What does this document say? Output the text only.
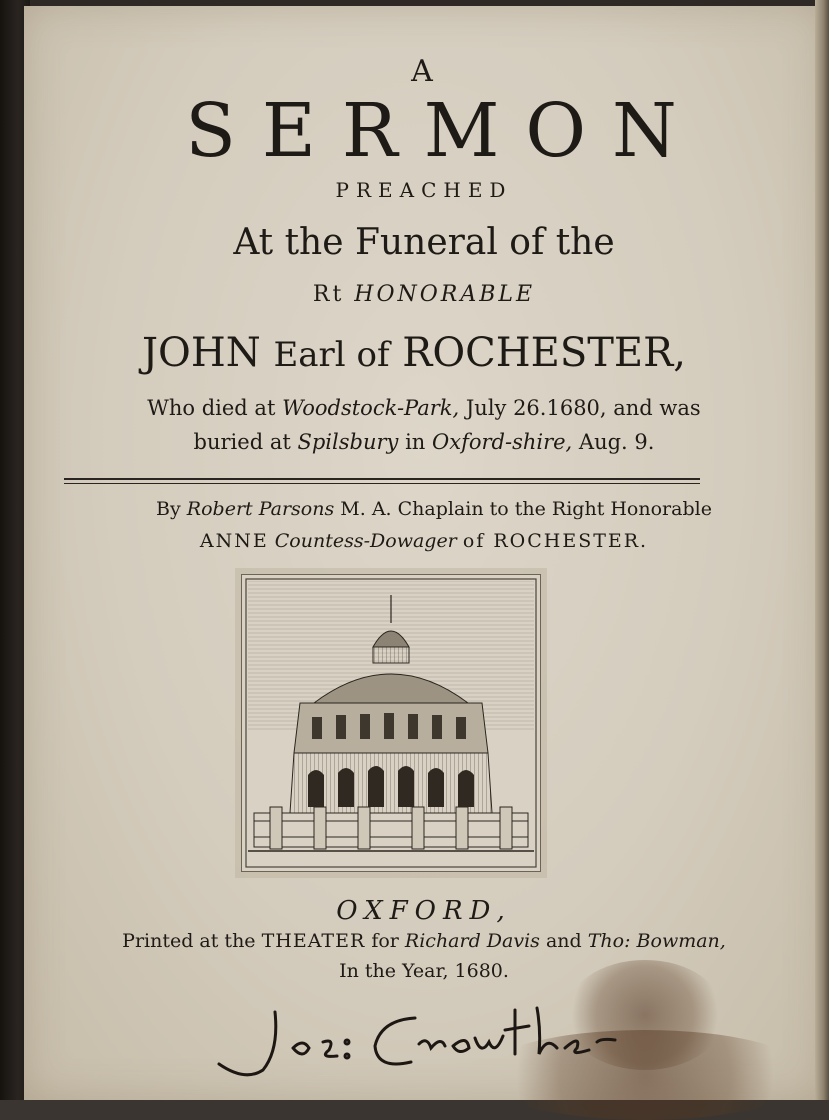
A

SERMON

PREACHED

At the Funeral of the

Rt HONORABLE

JOHN Earl of ROCHESTER,

Who died at Woodstock-Park, July 26.1680, and was

buried at Spilsbury in Oxford-shire, Aug. 9.

By Robert Parsons M. A. Chaplain to the Right Honorable

ANNE Countess-Dowager of ROCHESTER.

OXFORD,

Printed at the THEATER for Richard Davis and Tho: Bowman,

In the Year, 1680.
